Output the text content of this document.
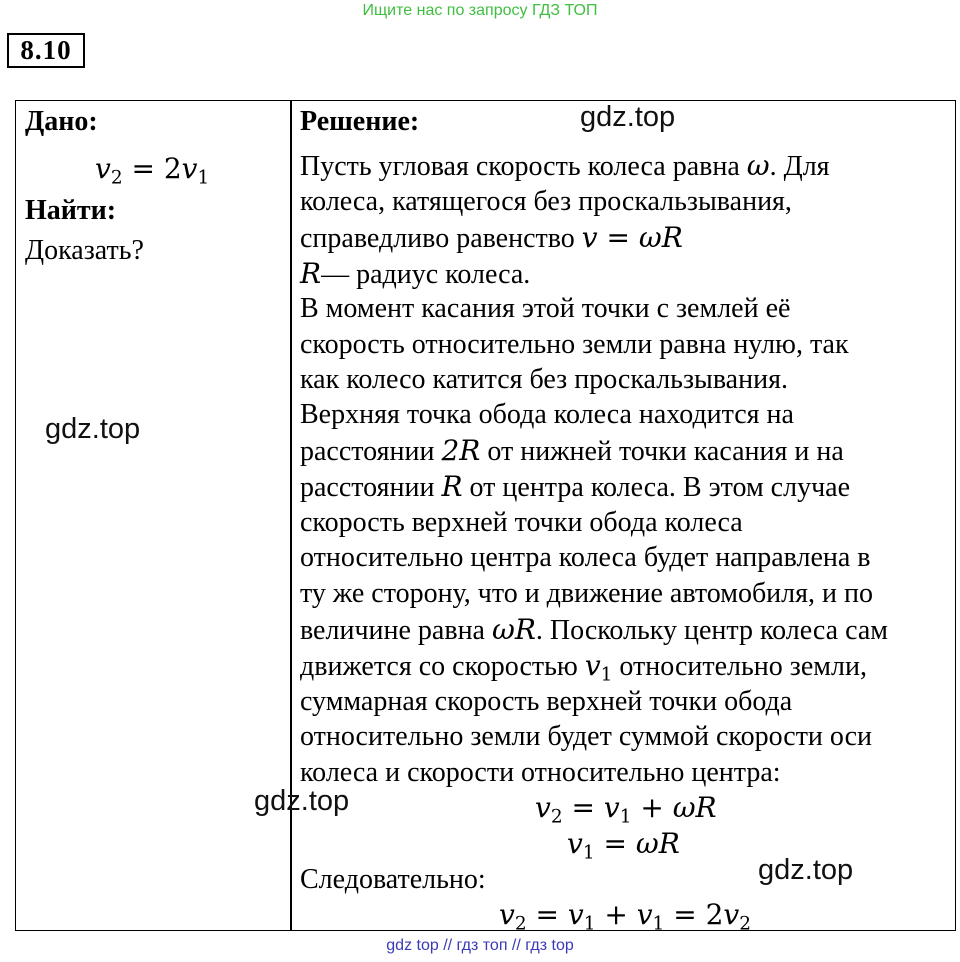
Ищите нас по запросу ГДЗ ТОП
8.10
Дано:
$v_2 = 2v_1$
Найти:
Доказать?
Решение:
Пусть угловая скорость колеса равна ω. Для
колеса, катящегося без проскальзывания,
справедливо равенство v = ωR
R— радиус колеса.
В момент касания этой точки с землей её
скорость относительно земли равна нулю, так
как колесо катится без проскальзывания.
Верхняя точка обода колеса находится на
расстоянии 2R от нижней точки касания и на
расстоянии R от центра колеса. В этом случае
скорость верхней точки обода колеса
относительно центра колеса будет направлена в
ту же сторону, что и движение автомобиля, и по
величине равна ωR. Поскольку центр колеса сам
движется со скоростью $v_1$ относительно земли,
суммарная скорость верхней точки обода
относительно земли будет суммой скорости оси
колеса и скорости относительно центра:
$v_2 = v_1 + \omega R$
$v_1 = \omega R$
Следовательно:
$v_2 = v_1 + v_1 = 2v_2$
gdz.top
gdz.top
gdz.top
gdz.top
gdz top // гдз топ // гдз top
